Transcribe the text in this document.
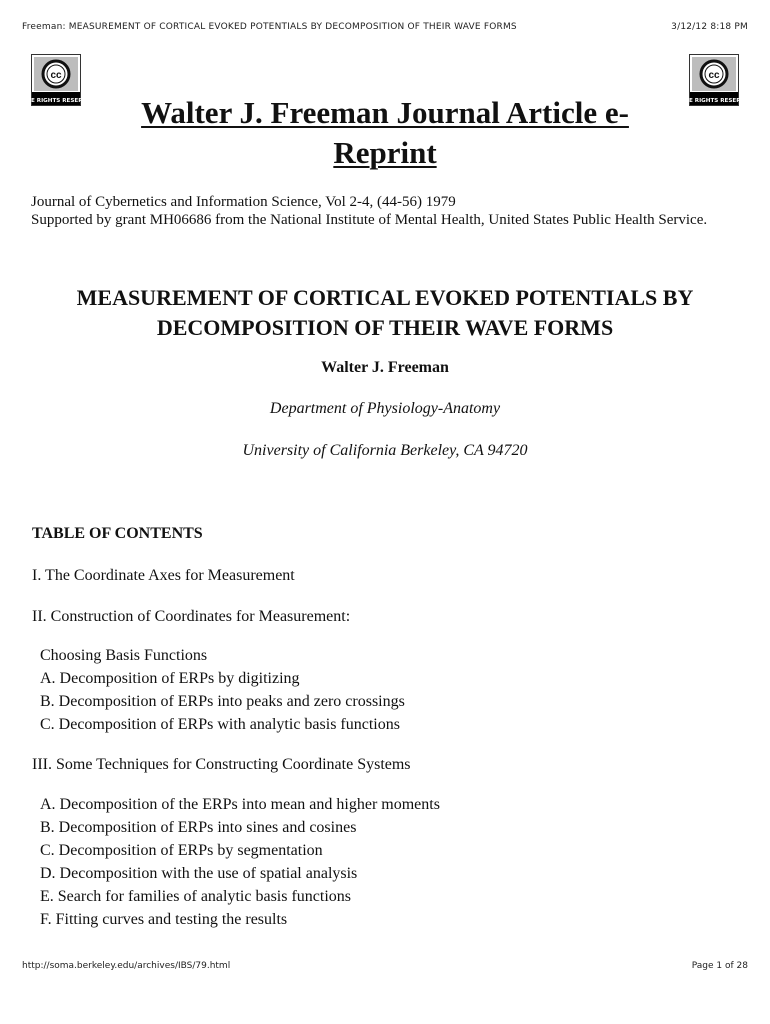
Freeman: MEASUREMENT OF CORTICAL EVOKED POTENTIALS BY DECOMPOSITION OF THEIR WAVE FORMS	3/12/12 8:18 PM
cc
SOME RIGHTS RESERVED
cc
SOME RIGHTS RESERVED
Walter J. Freeman Journal Article e-Reprint
Journal of Cybernetics and Information Science, Vol 2-4, (44-56) 1979
Supported by grant MH06686 from the National Institute of Mental Health, United States Public Health Service.
MEASUREMENT OF CORTICAL EVOKED POTENTIALS BY DECOMPOSITION OF THEIR WAVE FORMS
Walter J. Freeman
Department of Physiology-Anatomy
University of California Berkeley, CA 94720
TABLE OF CONTENTS
I. The Coordinate Axes for Measurement
II. Construction of Coordinates for Measurement:
Choosing Basis Functions
A. Decomposition of ERPs by digitizing
B. Decomposition of ERPs into peaks and zero crossings
C. Decomposition of ERPs with analytic basis functions
III. Some Techniques for Constructing Coordinate Systems
A. Decomposition of the ERPs into mean and higher moments
B. Decomposition of ERPs into sines and cosines
C. Decomposition of ERPs by segmentation
D. Decomposition with the use of spatial analysis
E. Search for families of analytic basis functions
F. Fitting curves and testing the results
http://soma.berkeley.edu/archives/IBS/79.html	Page 1 of 28
